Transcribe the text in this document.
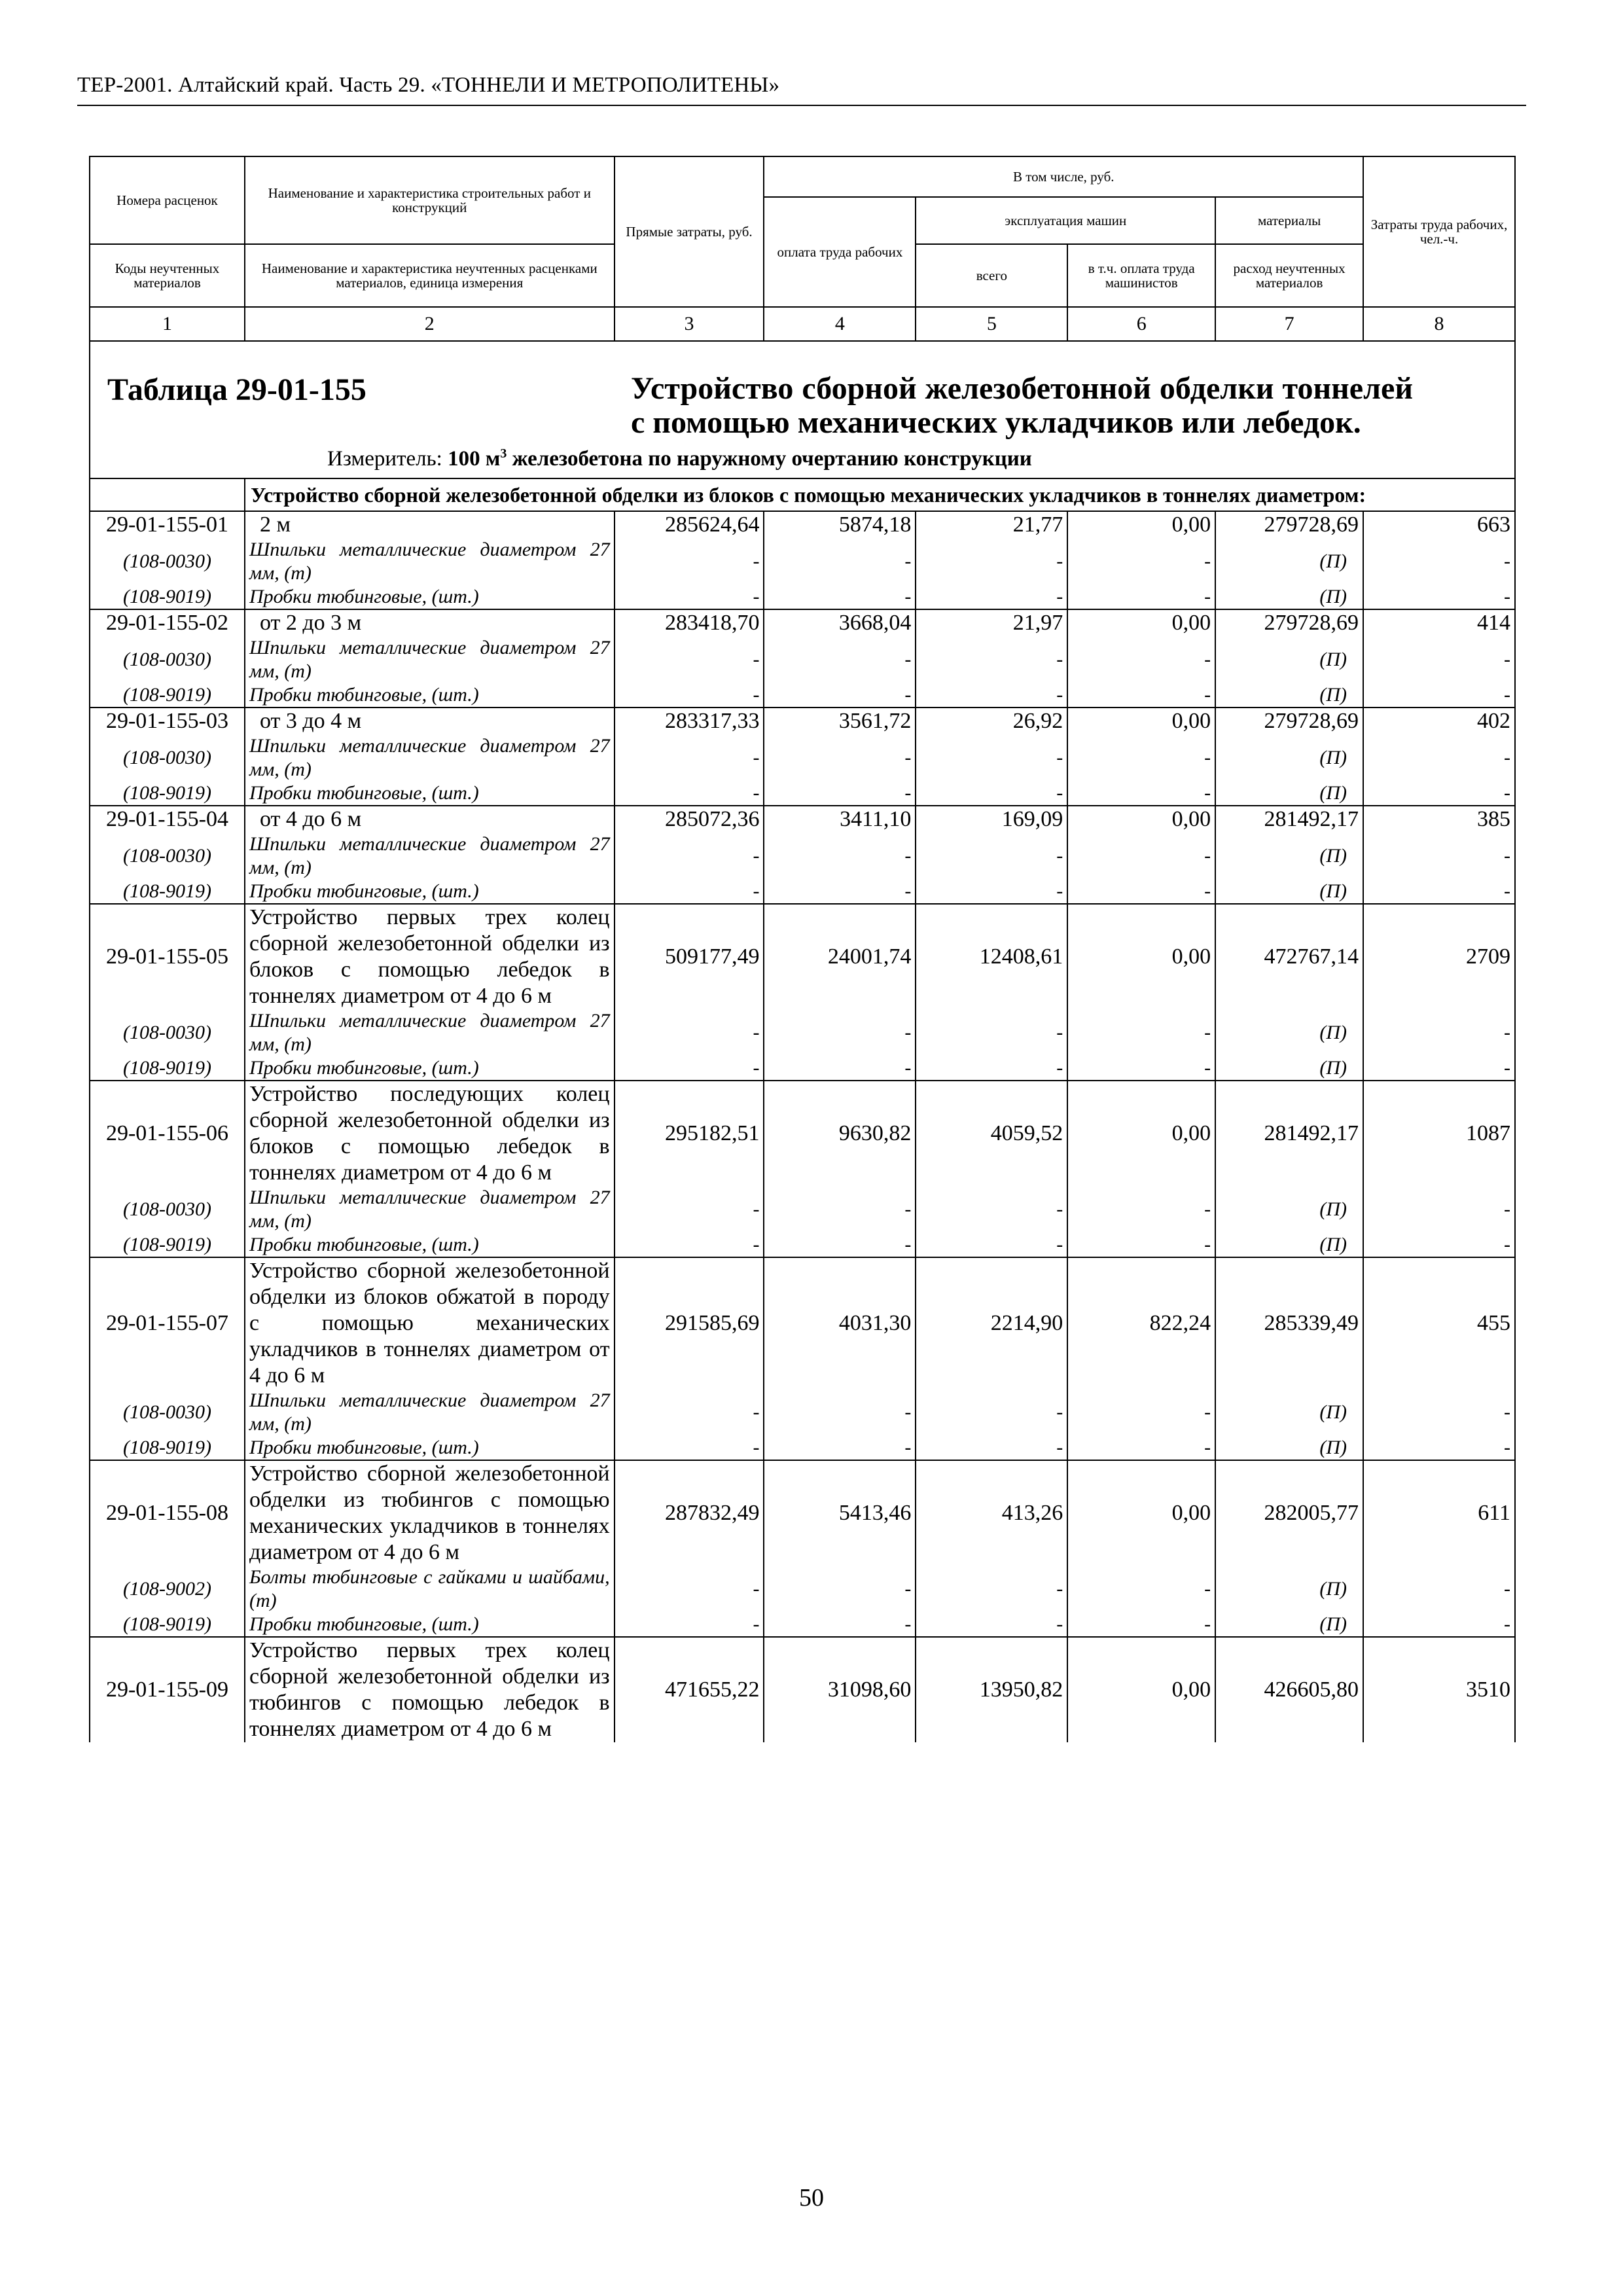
ТЕР-2001. Алтайский край. Часть 29. «ТОННЕЛИ И МЕТРОПОЛИТЕНЫ»
Номера расценок	Наименование и характеристика строительных работ и конструкций	Прямые затраты, руб.	В том числе, руб.				Затраты труда рабочих, чел.-ч.
			оплата труда рабочих	эксплуатация машин		материалы	
Коды неучтенных материалов	Наименование и характеристика неучтенных расценками материалов, единица измерения			всего	в т.ч. оплата труда машинистов	расход неучтенных материалов	
1	2	3	4	5	6	7	8

Таблица 29-01-155 Устройство сборной железобетонной обделки тоннелей с помощью механических укладчиков или лебедок.
Измеритель: 100 $м^3$ железобетона по наружному очертанию конструкции							

	Устройство сборной железобетонной обделки из блоков с помощью механических укладчиков в тоннелях диаметром:						
29-01-155-01	2 м	285624,64	5874,18	21,77	0,00	279728,69	663
(108-0030)	Шпильки металлические диаметром 27 мм, (т)	-	-	-	-	(П)	-
(108-9019)	Пробки тюбинговые, (шт.)	-	-	-	-	(П)	-
29-01-155-02	от 2 до 3 м	283418,70	3668,04	21,97	0,00	279728,69	414
(108-0030)	Шпильки металлические диаметром 27 мм, (т)	-	-	-	-	(П)	-
(108-9019)	Пробки тюбинговые, (шт.)	-	-	-	-	(П)	-
29-01-155-03	от 3 до 4 м	283317,33	3561,72	26,92	0,00	279728,69	402
(108-0030)	Шпильки металлические диаметром 27 мм, (т)	-	-	-	-	(П)	-
(108-9019)	Пробки тюбинговые, (шт.)	-	-	-	-	(П)	-
29-01-155-04	от 4 до 6 м	285072,36	3411,10	169,09	0,00	281492,17	385
(108-0030)	Шпильки металлические диаметром 27 мм, (т)	-	-	-	-	(П)	-
(108-9019)	Пробки тюбинговые, (шт.)	-	-	-	-	(П)	-
29-01-155-05	Устройство первых трех колец сборной железобетонной обделки из блоков с помощью лебедок в тоннелях диаметром от 4 до 6 м	509177,49	24001,74	12408,61	0,00	472767,14	2709
(108-0030)	Шпильки металлические диаметром 27 мм, (т)	-	-	-	-	(П)	-
(108-9019)	Пробки тюбинговые, (шт.)	-	-	-	-	(П)	-
29-01-155-06	Устройство последующих колец сборной железобетонной обделки из блоков с помощью лебедок в тоннелях диаметром от 4 до 6 м	295182,51	9630,82	4059,52	0,00	281492,17	1087
(108-0030)	Шпильки металлические диаметром 27 мм, (т)	-	-	-	-	(П)	-
(108-9019)	Пробки тюбинговые, (шт.)	-	-	-	-	(П)	-
29-01-155-07	Устройство сборной железобетонной обделки из блоков обжатой в породу с помощью механических укладчиков в тоннелях диаметром от 4 до 6 м	291585,69	4031,30	2214,90	822,24	285339,49	455
(108-0030)	Шпильки металлические диаметром 27 мм, (т)	-	-	-	-	(П)	-
(108-9019)	Пробки тюбинговые, (шт.)	-	-	-	-	(П)	-
29-01-155-08	Устройство сборной железобетонной обделки из тюбингов с помощью механических укладчиков в тоннелях диаметром от 4 до 6 м	287832,49	5413,46	413,26	0,00	282005,77	611
(108-9002)	Болты тюбинговые с гайками и шайбами, (т)	-	-	-	-	(П)	-
(108-9019)	Пробки тюбинговые, (шт.)	-	-	-	-	(П)	-
29-01-155-09	Устройство первых трех колец сборной железобетонной обделки из тюбингов с помощью лебедок в тоннелях диаметром от 4 до 6 м	471655,22	31098,60	13950,82	0,00	426605,80	3510
50
